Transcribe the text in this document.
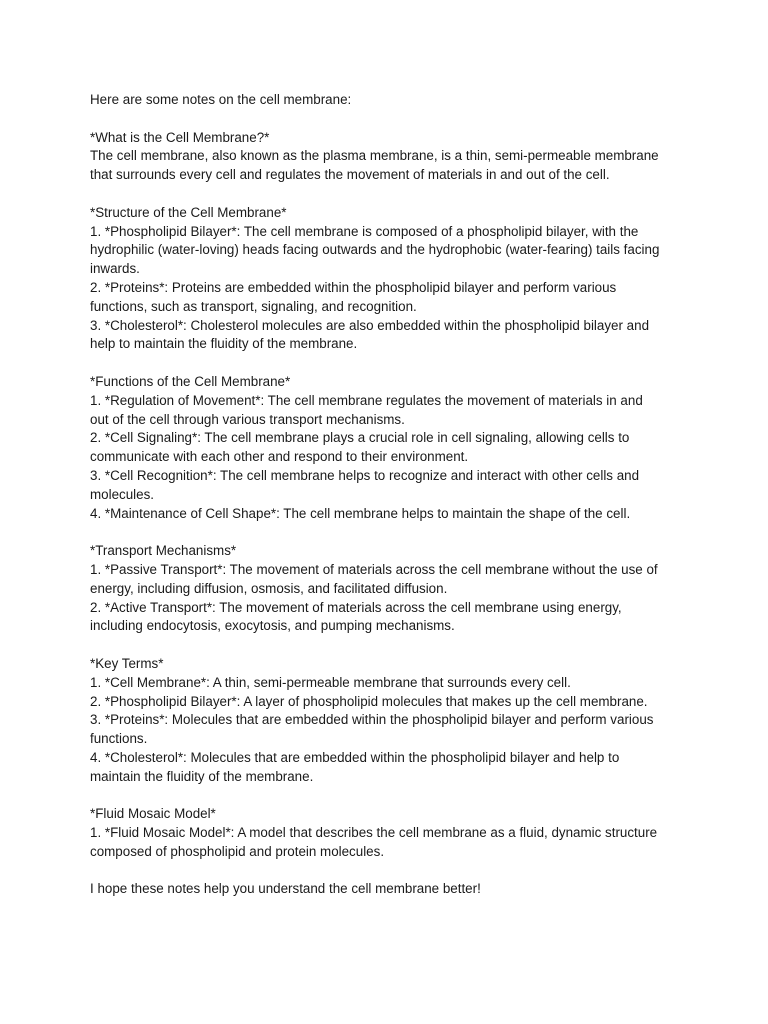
Here are some notes on the cell membrane:

*What is the Cell Membrane?*

The cell membrane, also known as the plasma membrane, is a thin, semi-permeable membrane

that surrounds every cell and regulates the movement of materials in and out of the cell.

*Structure of the Cell Membrane*

1. *Phospholipid Bilayer*: The cell membrane is composed of a phospholipid bilayer, with the

hydrophilic (water-loving) heads facing outwards and the hydrophobic (water-fearing) tails facing

inwards.

2. *Proteins*: Proteins are embedded within the phospholipid bilayer and perform various

functions, such as transport, signaling, and recognition.

3. *Cholesterol*: Cholesterol molecules are also embedded within the phospholipid bilayer and

help to maintain the fluidity of the membrane.

*Functions of the Cell Membrane*

1. *Regulation of Movement*: The cell membrane regulates the movement of materials in and

out of the cell through various transport mechanisms.

2. *Cell Signaling*: The cell membrane plays a crucial role in cell signaling, allowing cells to

communicate with each other and respond to their environment.

3. *Cell Recognition*: The cell membrane helps to recognize and interact with other cells and

molecules.

4. *Maintenance of Cell Shape*: The cell membrane helps to maintain the shape of the cell.

*Transport Mechanisms*

1. *Passive Transport*: The movement of materials across the cell membrane without the use of

energy, including diffusion, osmosis, and facilitated diffusion.

2. *Active Transport*: The movement of materials across the cell membrane using energy,

including endocytosis, exocytosis, and pumping mechanisms.

*Key Terms*

1. *Cell Membrane*: A thin, semi-permeable membrane that surrounds every cell.

2. *Phospholipid Bilayer*: A layer of phospholipid molecules that makes up the cell membrane.

3. *Proteins*: Molecules that are embedded within the phospholipid bilayer and perform various

functions.

4. *Cholesterol*: Molecules that are embedded within the phospholipid bilayer and help to

maintain the fluidity of the membrane.

*Fluid Mosaic Model*

1. *Fluid Mosaic Model*: A model that describes the cell membrane as a fluid, dynamic structure

composed of phospholipid and protein molecules.

I hope these notes help you understand the cell membrane better!
